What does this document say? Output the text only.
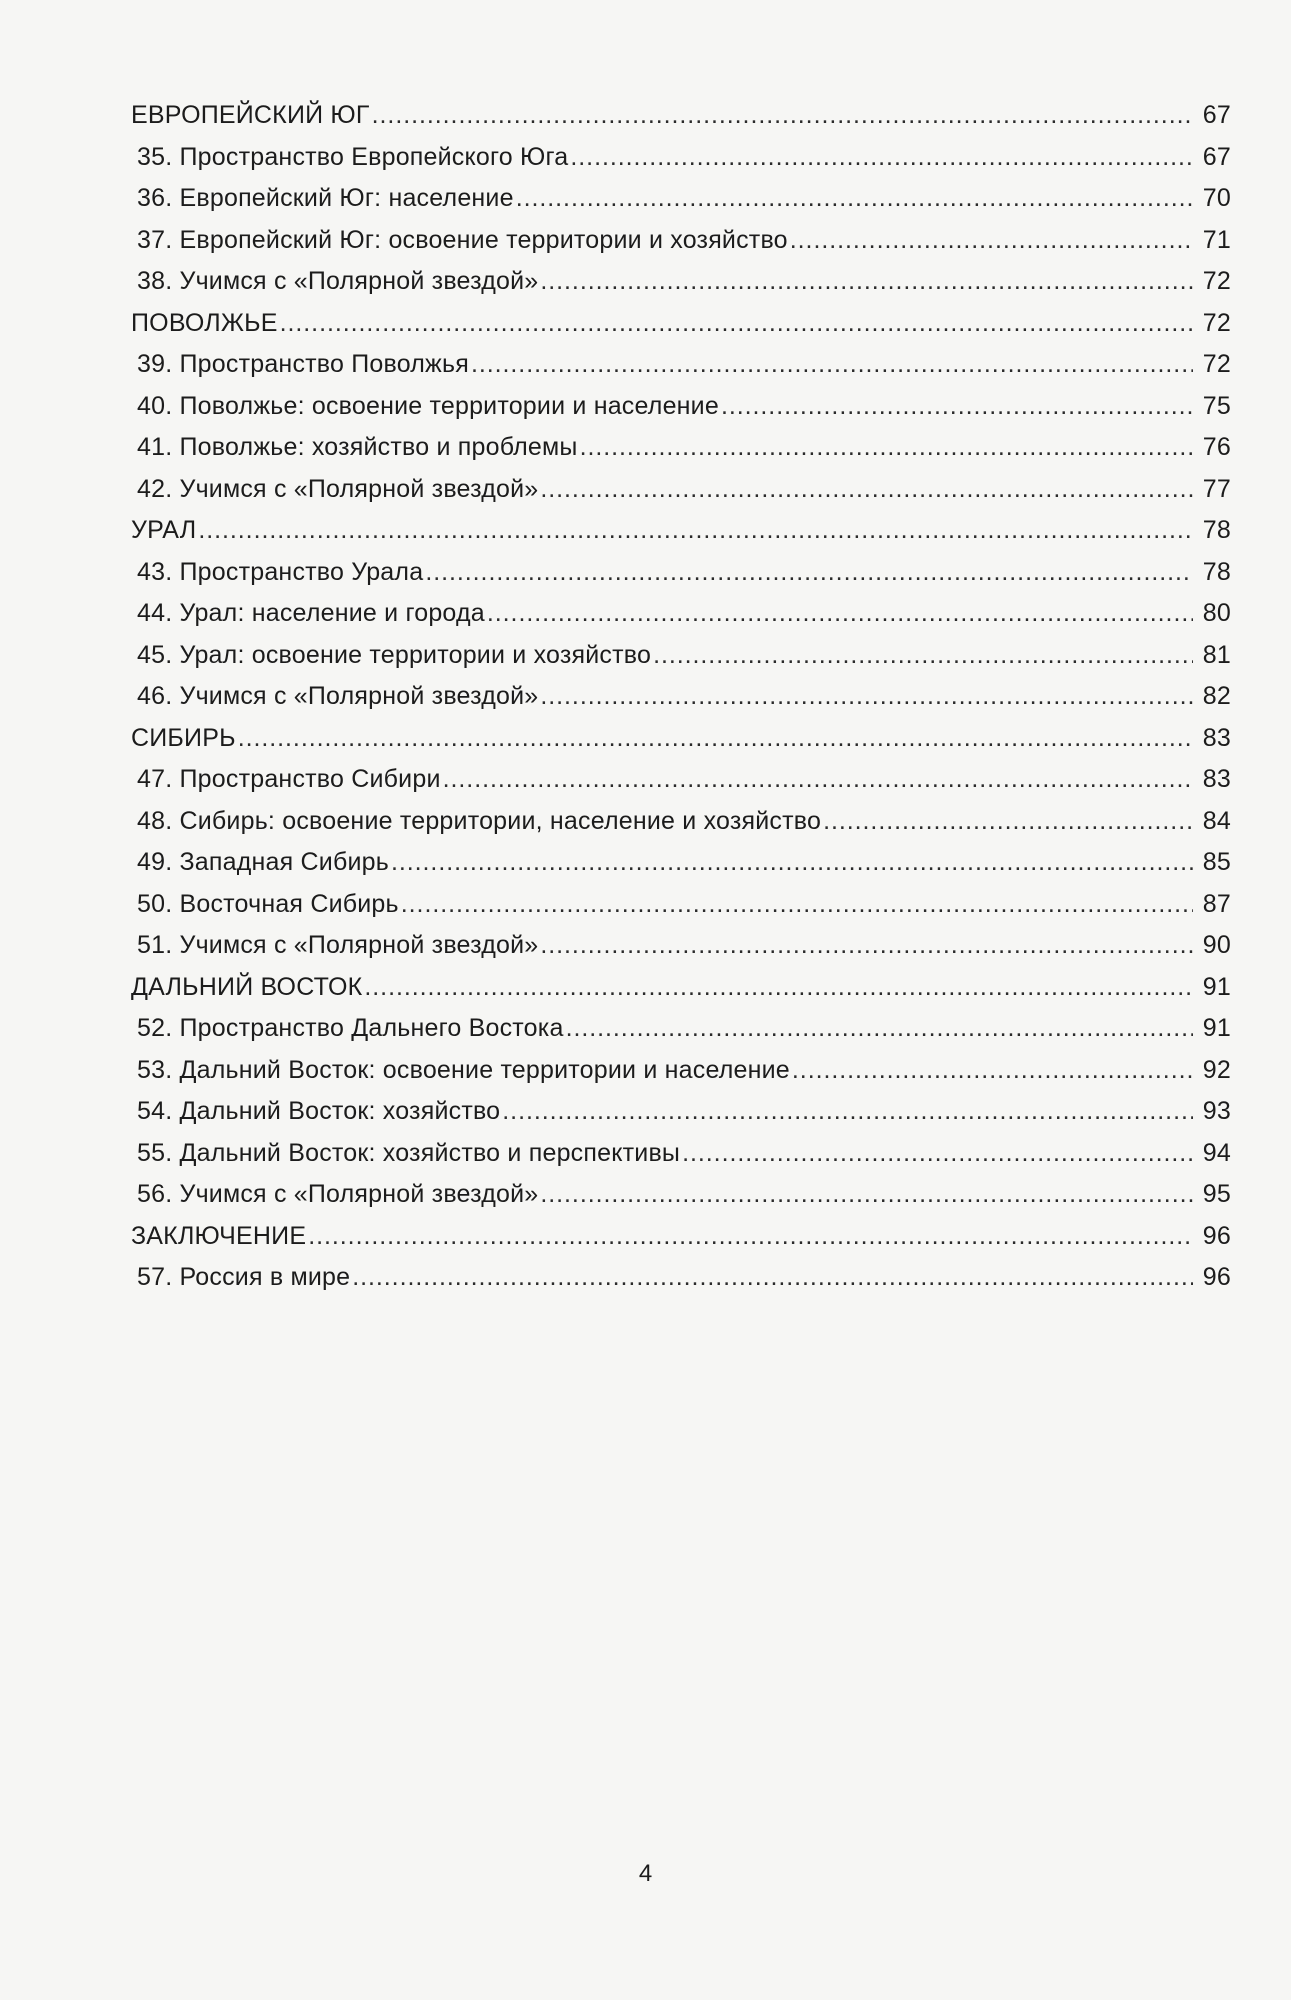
ЕВРОПЕЙСКИЙ ЮГ . . .	67
35. Пространство Европейского Юга . . .	67
36. Европейский Юг: население . . .	70
37. Европейский Юг: освоение территории и хозяйство . . .	71
38. Учимся с «Полярной звездой» . . .	72
ПОВОЛЖЬЕ . . .	72
39. Пространство Поволжья . . .	72
40. Поволжье: освоение территории и население . . .	75
41. Поволжье: хозяйство и проблемы . . .	76
42. Учимся с «Полярной звездой» . . .	77
УРАЛ . . .	78
43. Пространство Урала . . .	78
44. Урал: население и города . . .	80
45. Урал: освоение территории и хозяйство . . .	81
46. Учимся с «Полярной звездой» . . .	82
СИБИРЬ . . .	83
47. Пространство Сибири . . .	83
48. Сибирь: освоение территории, население и хозяйство . . .	84
49. Западная Сибирь . . .	85
50. Восточная Сибирь . . .	87
51. Учимся с «Полярной звездой» . . .	90
ДАЛЬНИЙ ВОСТОК . . .	91
52. Пространство Дальнего Востока . . .	91
53. Дальний Восток: освоение территории и население . . .	92
54. Дальний Восток: хозяйство . . .	93
55. Дальний Восток: хозяйство и перспективы . . .	94
56. Учимся с «Полярной звездой» . . .	95
ЗАКЛЮЧЕНИЕ . . .	96
57. Россия в мире . . .	96
4
